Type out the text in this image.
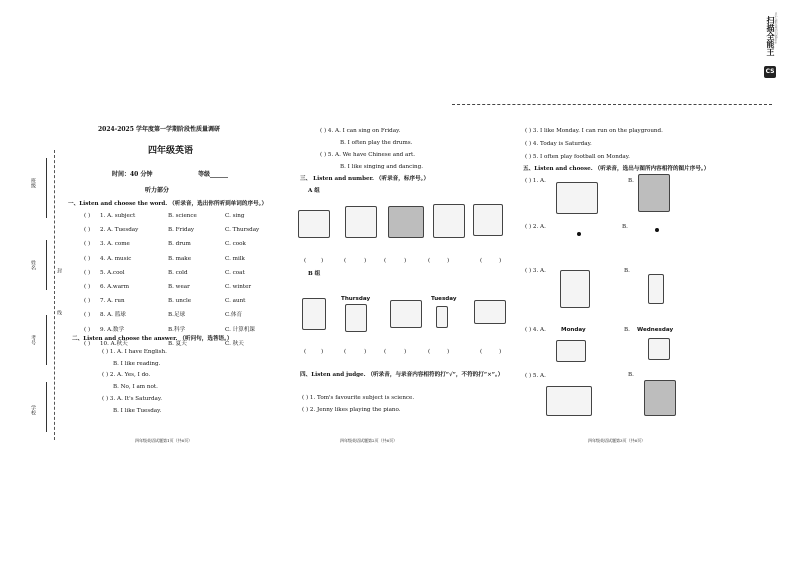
3亿人都在用的扫描App
扫描全能王
CS
班级
姓名
封
考号
线
学校
2024-2025 学年度第一学期阶段性质量调研
四年级英语
时间：40 分钟	等级______
听力部分
一、Listen and choose the word. （听录音，选出你所听到单词的序号。）
( ) 1. A. subject	B. science	C. sing
( ) 2. A. Tuesday	B. Friday	C. Thursday
( ) 3. A. come	B. drum	C. cook
( ) 4. A. music	B. make	C. milk
( ) 5. A.cool	B. cold	C. coat
( ) 6. A.warm	B. wear	C. winter
( ) 7. A. run	B. uncle	C. aunt
( ) 8. A. 篮球	B.足球	C.体育
( ) 9. A.数学	B.科学	C. 计算机课
( ) 10. A.秋天	B. 夏天	C. 秋天
二、Listen and choose the answer. （听问句，选答语。）
( ) 1. A. I have English.
B. I like reading.
( ) 2. A. Yes, I do.
B. No, I am not.
( ) 3. A. It's Saturday.
B. I like Tuesday.
四年级英语试题第1页（共6页）
( ) 4. A. I can sing on Friday.
B. I often play the drums.
( ) 5. A. We have Chinese and art.
B. I like singing and dancing.
三、 Listen and number. （听录音，标序号。）
A 组
(	)	(	)	(	)	(	)	(	)
B 组
Thursday	Tuesday
(	)	(	)	(	)	(	)	(	)
四、Listen and judge. （听录音，与录音内容相符的打“√”，不符的打“×”。）
( ) 1. Tom's favourite subject is science.
( ) 2. Jenny likes playing the piano.
四年级英语试题第2页（共6页）
( ) 3. I like Monday. I can run on the playground.
( ) 4. Today is Saturday.
( ) 5. I often play football on Monday.
五、Listen and choose. （听录音，选出与图所内容相符的图片序号。）
( ) 1. A.	B.
( ) 2. A.	B.
( ) 3. A.	B.
( ) 4. A.	Monday	B. Wednesday
( ) 5. A.	B.
四年级英语试题第3页（共6页）
